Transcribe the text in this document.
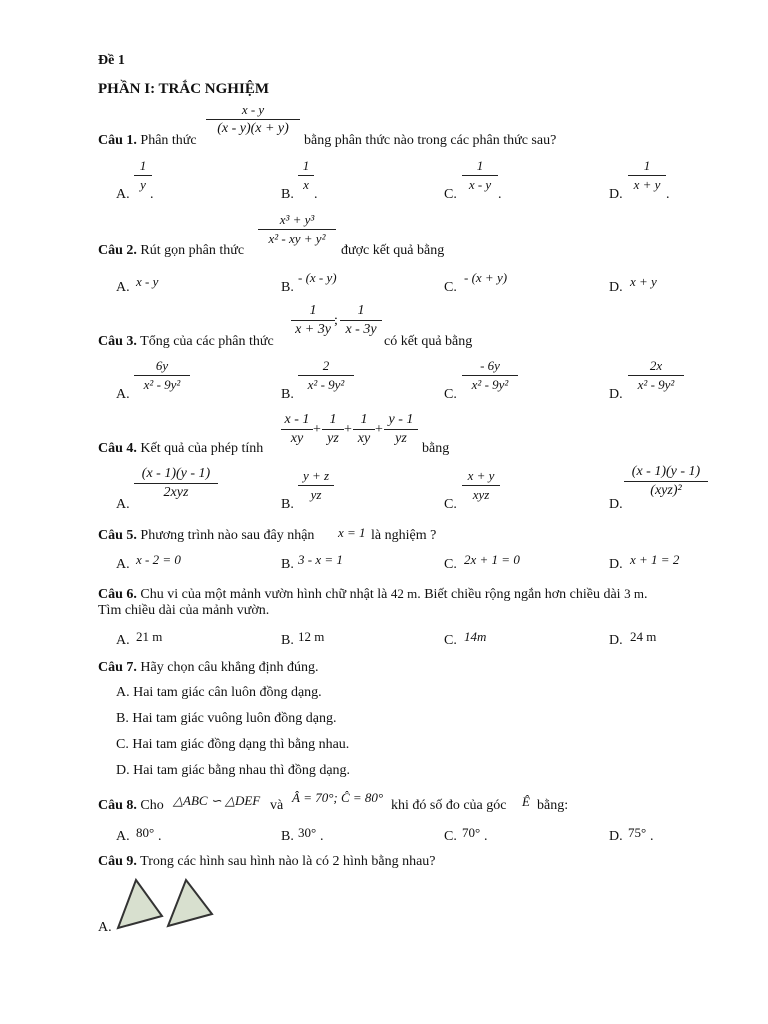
Đề 1
PHẦN I: TRẮC NGHIỆM
Câu 1. Phân thức
x - y
(x - y)(x + y)
bằng phân thức nào trong các phân thức sau?
A.
1
y
.	B.
1
x
.	C.
1
x - y
.	D.
1
x + y
.
Câu 2. Rút gọn phân thức
x³ + y³
x² - xy + y²
được kết quả bằng
A. x - y	B.
- (x - y)
C.
- (x + y)
D. x + y
Câu 3. Tổng của các phân thức
1
x + 3y
;
1
x - 3y
có kết quả bằng
A.
6y
x² - 9y²
B.
2
x² - 9y²
C.
- 6y
x² - 9y²
D.
2x
x² - 9y²
Câu 4. Kết quả của phép tính
x - 1
xy
+
1
yz
+
1
xy
+
y - 1
yz
bằng
A.
(x - 1)(y - 1)
2xyz
B.
y + z
yz
C.
x + y
xyz
D.
(x - 1)(y - 1)
(xyz)²
Câu 5. Phương trình nào sau đây nhận x = 1 là nghiệm ?
A. x - 2 = 0	B. 3 - x = 1	C. 2x + 1 = 0	D. x + 1 = 2
Câu 6. Chu vi của một mảnh vườn hình chữ nhật là 42 m. Biết chiều rộng ngắn hơn chiều dài 3 m.
Tìm chiều dài của mảnh vườn.
A. 21 m	B. 12 m	C. 14m	D. 24 m
Câu 7. Hãy chọn câu khẳng định đúng.
A. Hai tam giác cân luôn đồng dạng.
B. Hai tam giác vuông luôn đồng dạng.
C. Hai tam giác đồng dạng thì bằng nhau.
D. Hai tam giác bằng nhau thì đồng dạng.
Câu 8. Cho △ABC ∽ △DEF và
Â = 70°; Ĉ = 80°
khi đó số đo của góc Ê bằng:
A. 80° .	B. 30° .	C. 70° .	D. 75° .
Câu 9. Trong các hình sau hình nào là có 2 hình bằng nhau?
A.
